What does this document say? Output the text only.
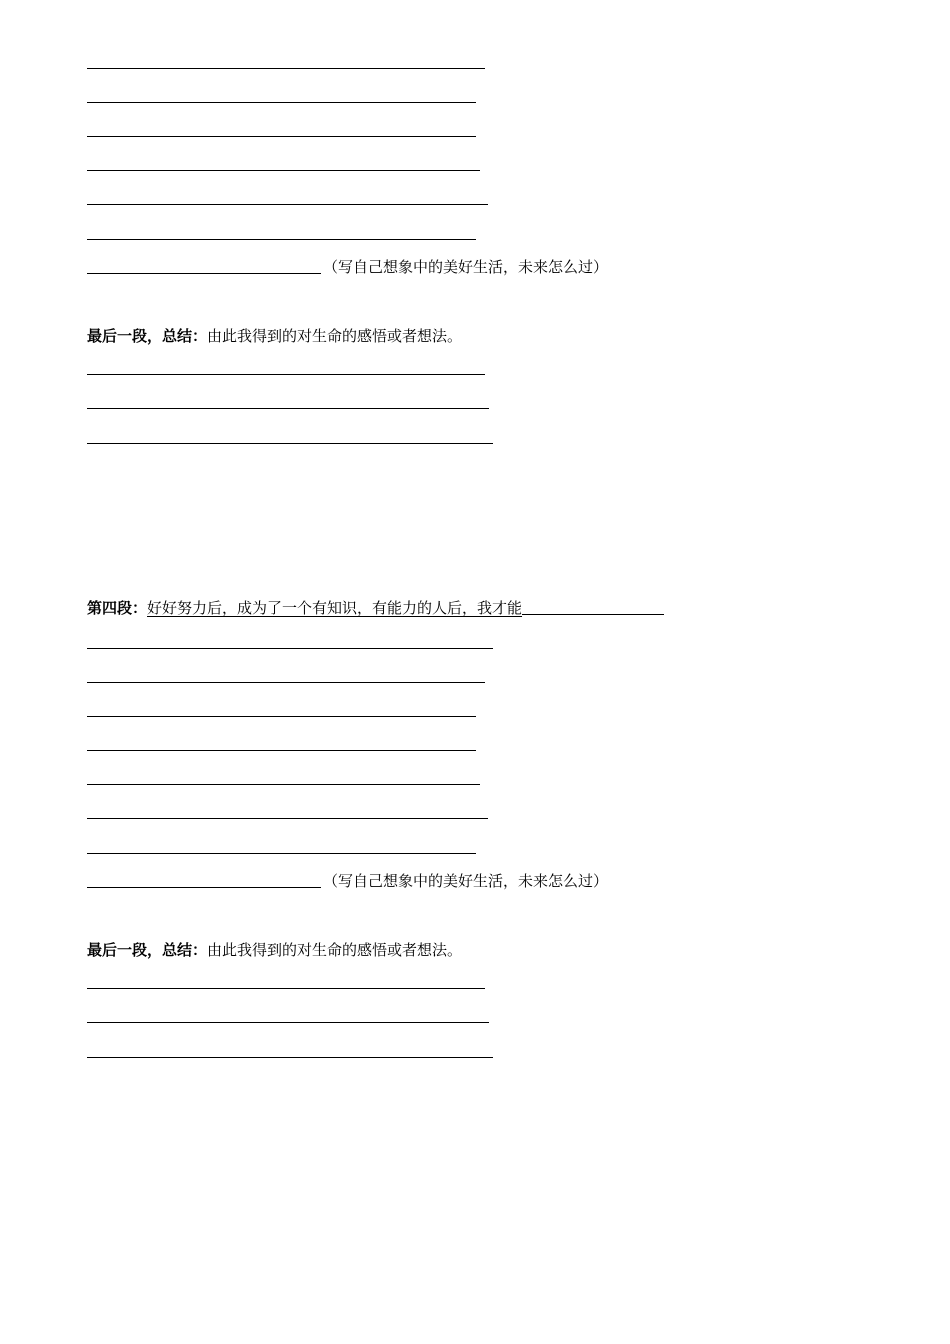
（写自己想象中的美好生活，未来怎么过）
最后一段，总结：由此我得到的对生命的感悟或者想法。
第四段：好好努力后，成为了一个有知识，有能力的人后，我才能
（写自己想象中的美好生活，未来怎么过）
最后一段，总结：由此我得到的对生命的感悟或者想法。
